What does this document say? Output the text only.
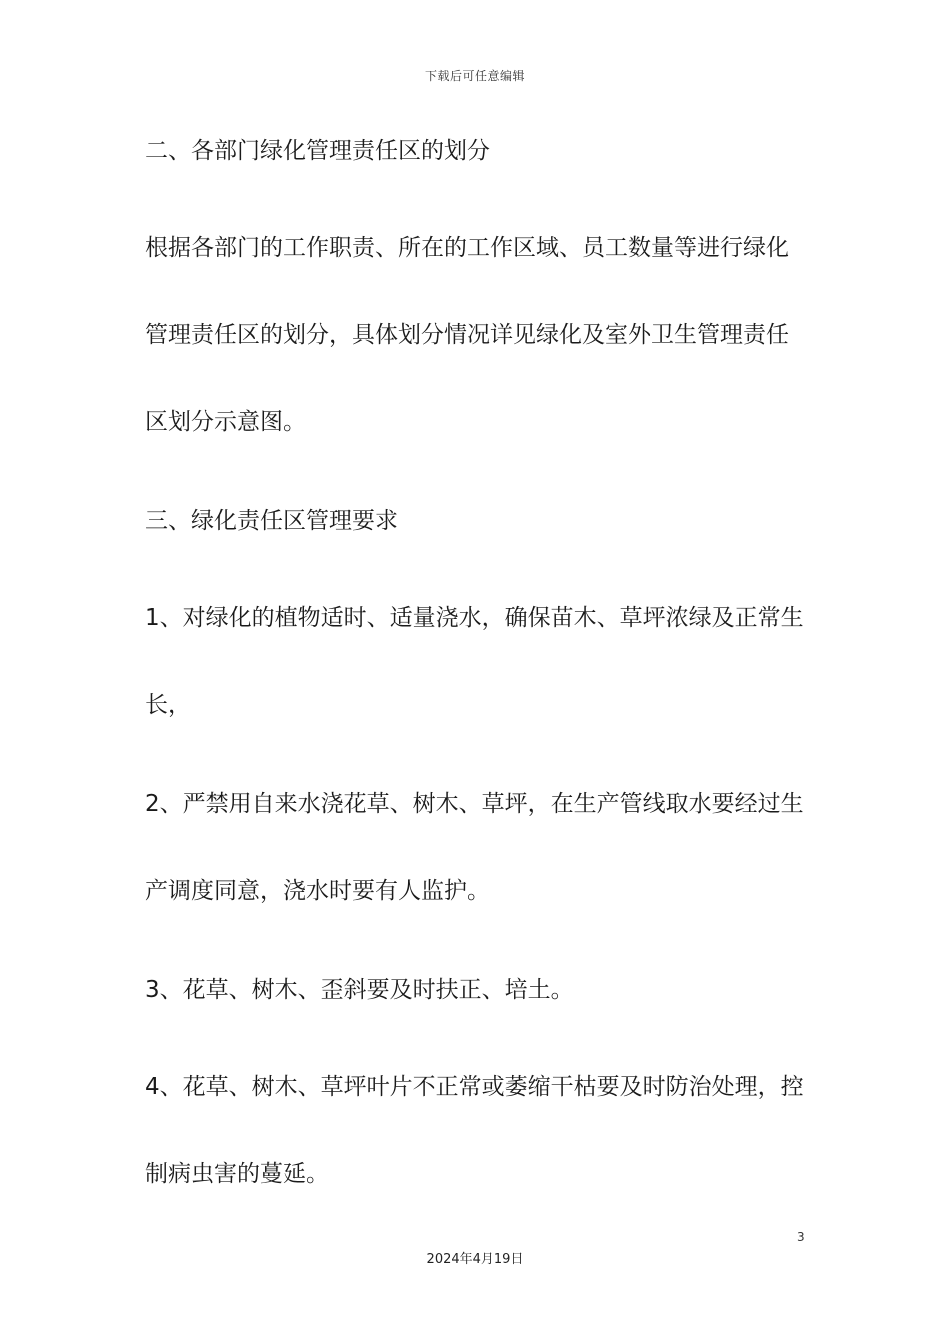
下载后可任意编辑
二、各部门绿化管理责任区的划分
根据各部门的工作职责、所在的工作区域、员工数量等进行绿化
管理责任区的划分，具体划分情况详见绿化及室外卫生管理责任
区划分示意图。
三、绿化责任区管理要求
1、对绿化的植物适时、适量浇水，确保苗木、草坪浓绿及正常生
长，
2、严禁用自来水浇花草、树木、草坪，在生产管线取水要经过生
产调度同意，浇水时要有人监护。
3、花草、树木、歪斜要及时扶正、培土。
4、花草、树木、草坪叶片不正常或萎缩干枯要及时防治处理，控
制病虫害的蔓延。
3
2024年4月19日
